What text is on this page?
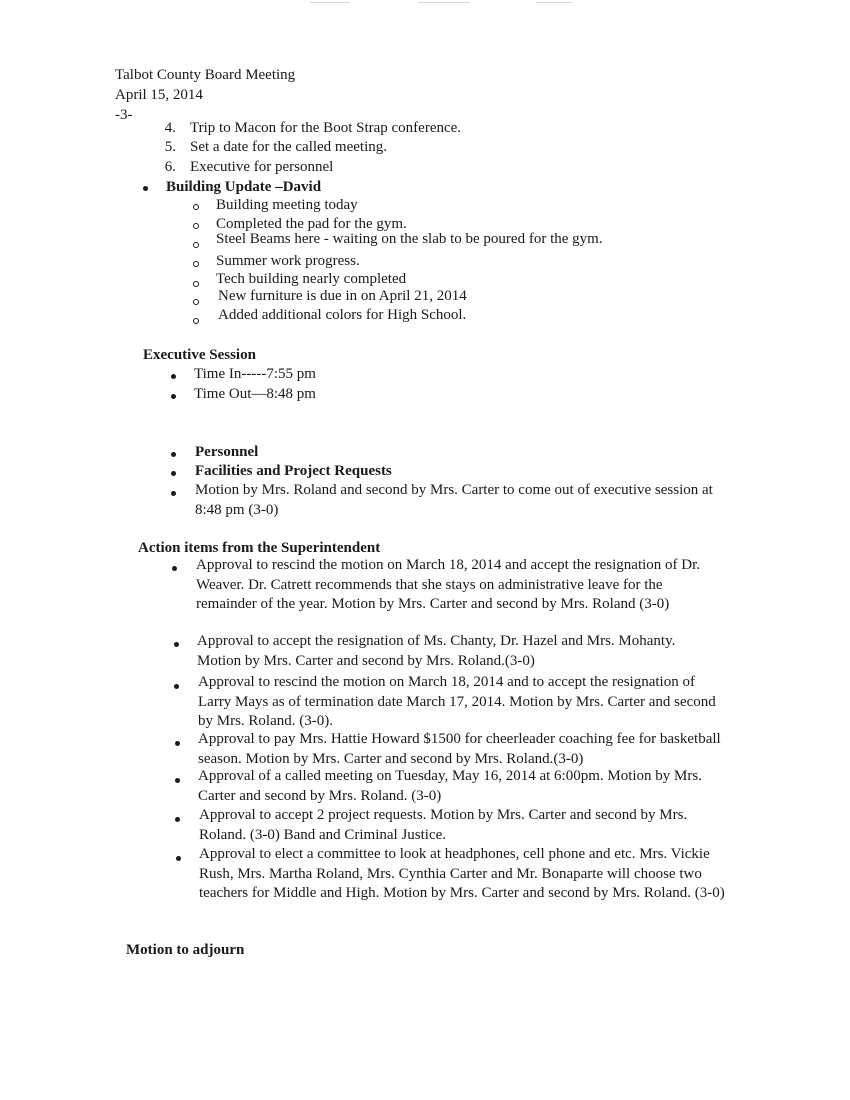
Talbot County Board Meeting
April 15, 2014
-3-
4. Trip to Macon for the Boot Strap conference.
5. Set a date for the called meeting.
6. Executive for personnel
Building Update –David
Building meeting today
Completed the pad for the gym.
Steel Beams here - waiting on the slab to be poured for the gym.
Summer work progress.
Tech building nearly completed
New furniture is due in on April 21, 2014
Added additional colors for High School.
Executive Session
Time In-----7:55 pm
Time Out—8:48 pm
Personnel
Facilities and Project Requests
Motion by Mrs. Roland and second by Mrs. Carter to come out of executive session at 8:48 pm (3-0)
Action items from the Superintendent
Approval to rescind the motion on March 18, 2014 and accept the resignation of Dr. Weaver. Dr. Catrett recommends that she stays on administrative leave for the remainder of the year. Motion by Mrs. Carter and second by Mrs. Roland (3-0)
Approval to accept the resignation of Ms. Chanty, Dr. Hazel and Mrs. Mohanty. Motion by Mrs. Carter and second by Mrs. Roland.(3-0)
Approval to rescind the motion on March 18, 2014 and to accept the resignation of Larry Mays as of termination date March 17, 2014. Motion by Mrs. Carter and second by Mrs. Roland. (3-0).
Approval to pay Mrs. Hattie Howard $1500 for cheerleader coaching fee for basketball season. Motion by Mrs. Carter and second by Mrs. Roland.(3-0)
Approval of a called meeting on Tuesday, May 16, 2014 at 6:00pm. Motion by Mrs. Carter and second by Mrs. Roland. (3-0)
Approval to accept 2 project requests. Motion by Mrs. Carter and second by Mrs. Roland. (3-0) Band and Criminal Justice.
Approval to elect a committee to look at headphones, cell phone and etc. Mrs. Vickie Rush, Mrs. Martha Roland, Mrs. Cynthia Carter and Mr. Bonaparte will choose two teachers for Middle and High. Motion by Mrs. Carter and second by Mrs. Roland. (3-0)
Motion to adjourn
